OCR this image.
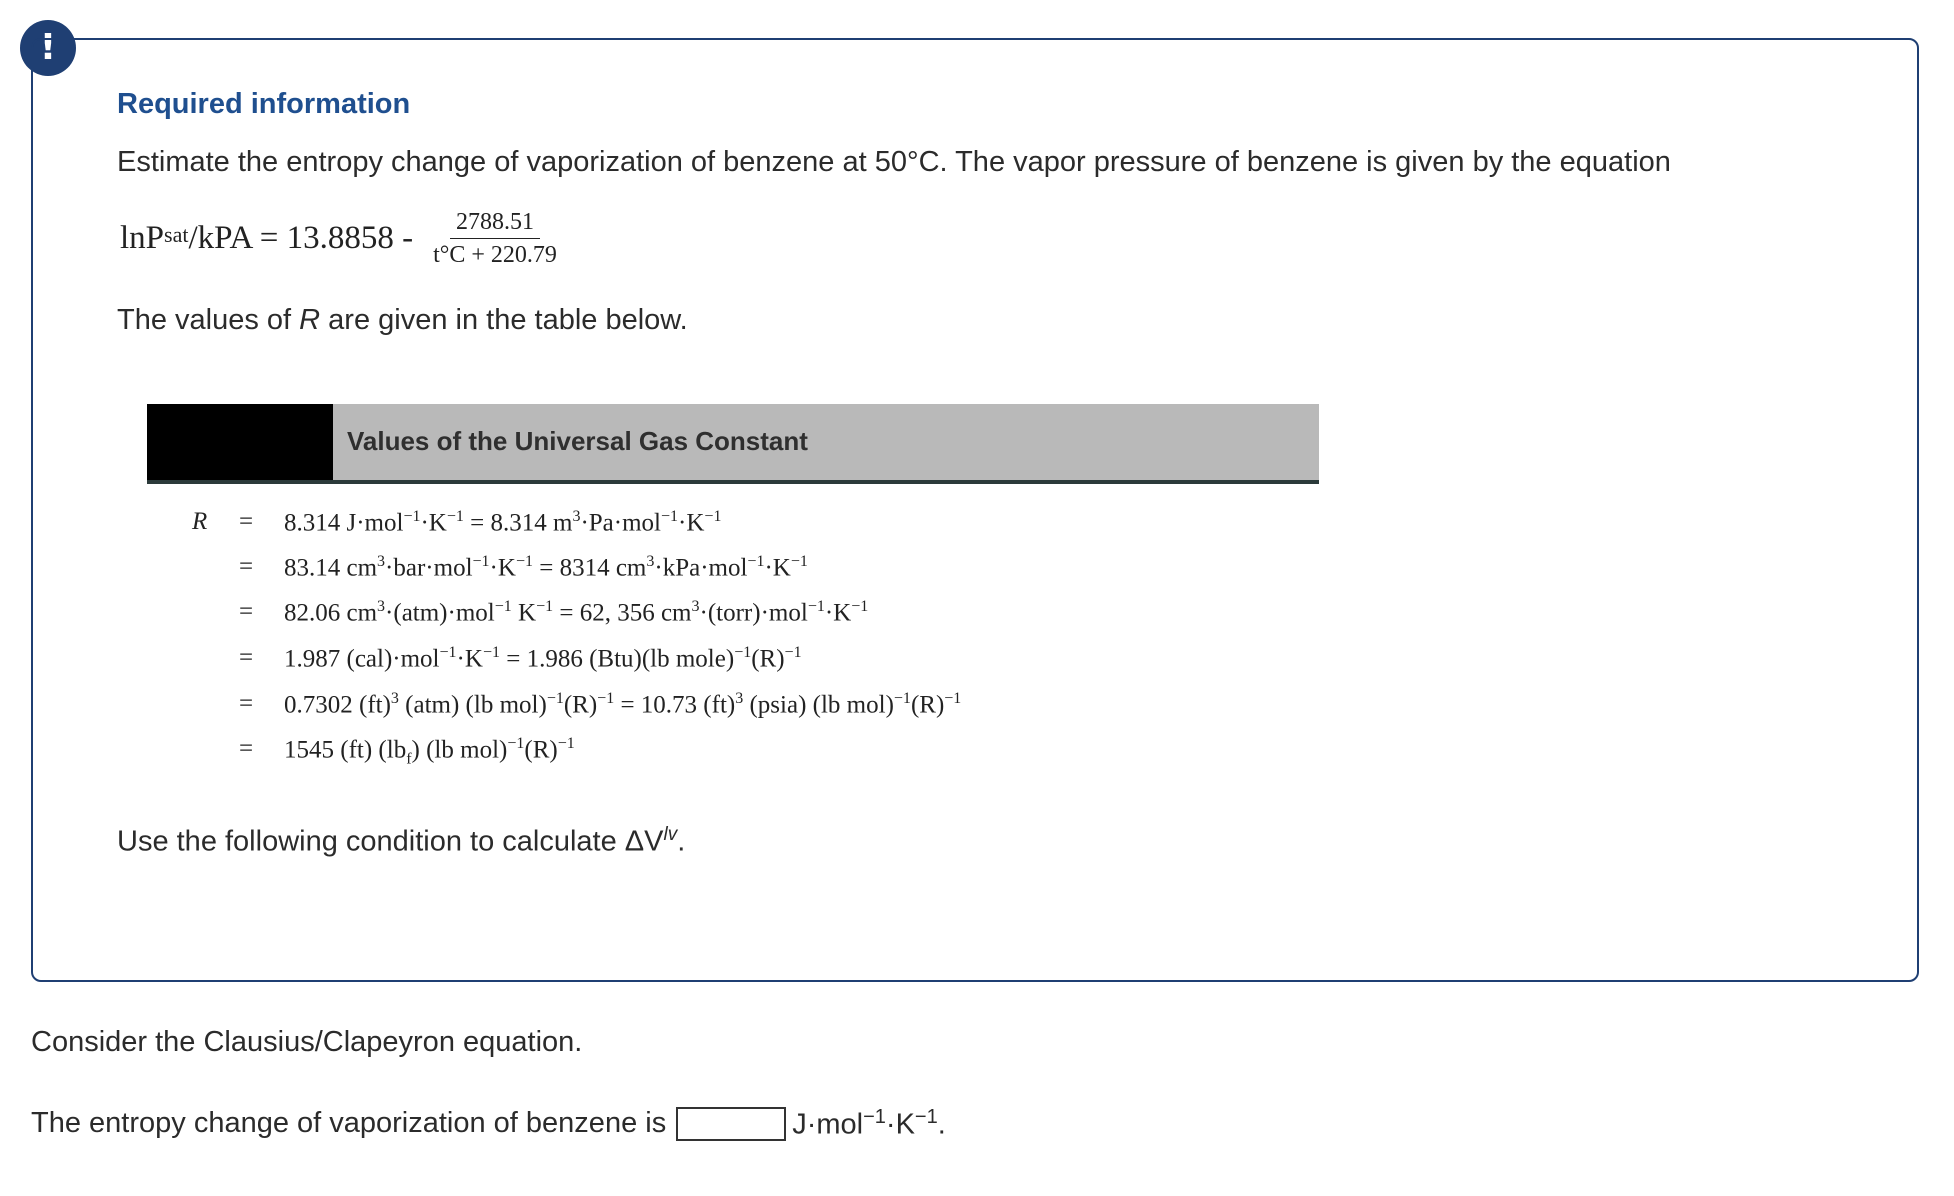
!
Required information
Estimate the entropy change of vaporization of benzene at 50°C. The vapor pressure of benzene is given by the equation
lnP$^{sat}$ $/kPA = 13.8858 - \frac{2788.51}{t^\circ C + 220.79}$
The values of R are given in the table below.
Values of the Universal Gas Constant
R = 8.314 $J\cdot mol^{-1}\cdot K^{-1} = 8.314$ $m^3\cdot Pa\cdot mol^{-1}\cdot K^{-1}$
= 83.14 $cm^3\cdot bar\cdot mol^{-1}\cdot K^{-1} = 8314$ $cm^3\cdot kPa\cdot mol^{-1}\cdot K^{-1}$
= 82.06 $cm^3\cdot(atm)\cdot mol^{-1}$ $K^{-1} = 62$, 356 $cm^3\cdot(torr)\cdot mol^{-1}\cdot K^{-1}$
= 1.987 $(cal)\cdot mol^{-1}\cdot K^{-1} = 1.986$ (Btu)(lb $mole)^{-1}(R)^{-1}$
= 0.7302 (ft)$^3$ (atm) (lb $mol)^{-1}(R)^{-1} = 10.73$ (ft)$^3$ (psia) (lb $mol)^{-1}(R)^{-1}$
= 1545 (ft) $(lb_f)$ (lb $mol)^{-1}(R)^{-1}$
Use the following condition to calculate $\Delta V^{lv}$.
Consider the Clausius/Clapeyron equation.
The entropy change of vaporization of benzene is	$J\cdot mol^{-1}\cdot K^{-1}$.
